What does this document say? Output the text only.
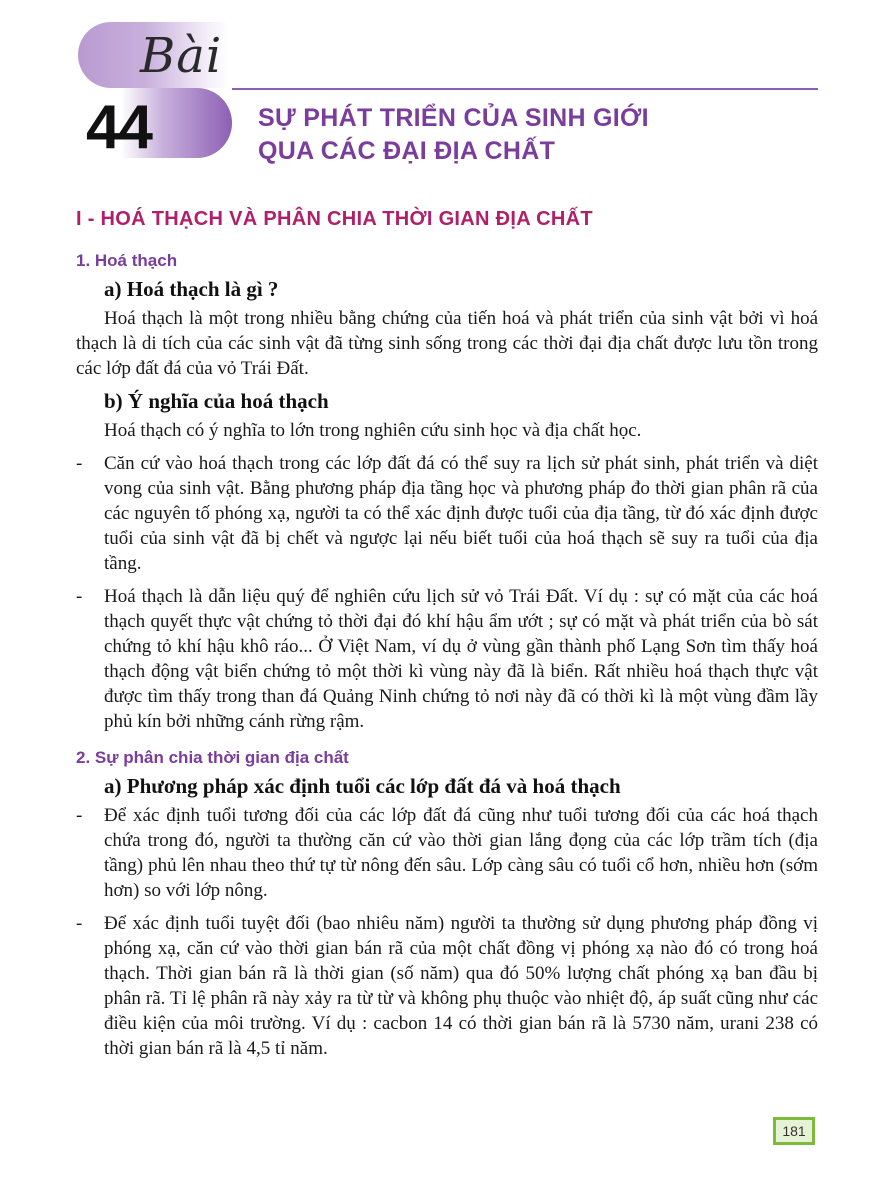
Bài
44	SỰ PHÁT TRIỂN CỦA SINH GIỚI
QUA CÁC ĐẠI ĐỊA CHẤT
I - HOÁ THẠCH VÀ PHÂN CHIA THỜI GIAN ĐỊA CHẤT
1. Hoá thạch
a) Hoá thạch là gì ?

Hoá thạch là một trong nhiều bằng chứng của tiến hoá và phát triển của sinh vật bởi vì hoá thạch là di tích của các sinh vật đã từng sinh sống trong các thời đại địa chất được lưu tồn trong các lớp đất đá của vỏ Trái Đất.

b) Ý nghĩa của hoá thạch

Hoá thạch có ý nghĩa to lớn trong nghiên cứu sinh học và địa chất học.

- Căn cứ vào hoá thạch trong các lớp đất đá có thể suy ra lịch sử phát sinh, phát triển và diệt vong của sinh vật. Bằng phương pháp địa tầng học và phương pháp đo thời gian phân rã của các nguyên tố phóng xạ, người ta có thể xác định được tuổi của địa tầng, từ đó xác định được tuổi của sinh vật đã bị chết và ngược lại nếu biết tuổi của hoá thạch sẽ suy ra tuổi của địa tầng.
- Hoá thạch là dẫn liệu quý để nghiên cứu lịch sử vỏ Trái Đất. Ví dụ : sự có mặt của các hoá thạch quyết thực vật chứng tỏ thời đại đó khí hậu ẩm ướt ; sự có mặt và phát triển của bò sát chứng tỏ khí hậu khô ráo... Ở Việt Nam, ví dụ ở vùng gần thành phố Lạng Sơn tìm thấy hoá thạch động vật biển chứng tỏ một thời kì vùng này đã là biển. Rất nhiều hoá thạch thực vật được tìm thấy trong than đá Quảng Ninh chứng tỏ nơi này đã có thời kì là một vùng đầm lầy phủ kín bởi những cánh rừng rậm.
2. Sự phân chia thời gian địa chất
a) Phương pháp xác định tuổi các lớp đất đá và hoá thạch
- Để xác định tuổi tương đối của các lớp đất đá cũng như tuổi tương đối của các hoá thạch chứa trong đó, người ta thường căn cứ vào thời gian lắng đọng của các lớp trầm tích (địa tầng) phủ lên nhau theo thứ tự từ nông đến sâu. Lớp càng sâu có tuổi cổ hơn, nhiều hơn (sớm hơn) so với lớp nông.
- Để xác định tuổi tuyệt đối (bao nhiêu năm) người ta thường sử dụng phương pháp đồng vị phóng xạ, căn cứ vào thời gian bán rã của một chất đồng vị phóng xạ nào đó có trong hoá thạch. Thời gian bán rã là thời gian (số năm) qua đó 50% lượng chất phóng xạ ban đầu bị phân rã. Tỉ lệ phân rã này xảy ra từ từ và không phụ thuộc vào nhiệt độ, áp suất cũng như các điều kiện của môi trường. Ví dụ : cacbon 14 có thời gian bán rã là 5730 năm, urani 238 có thời gian bán rã là 4,5 tỉ năm.
181
